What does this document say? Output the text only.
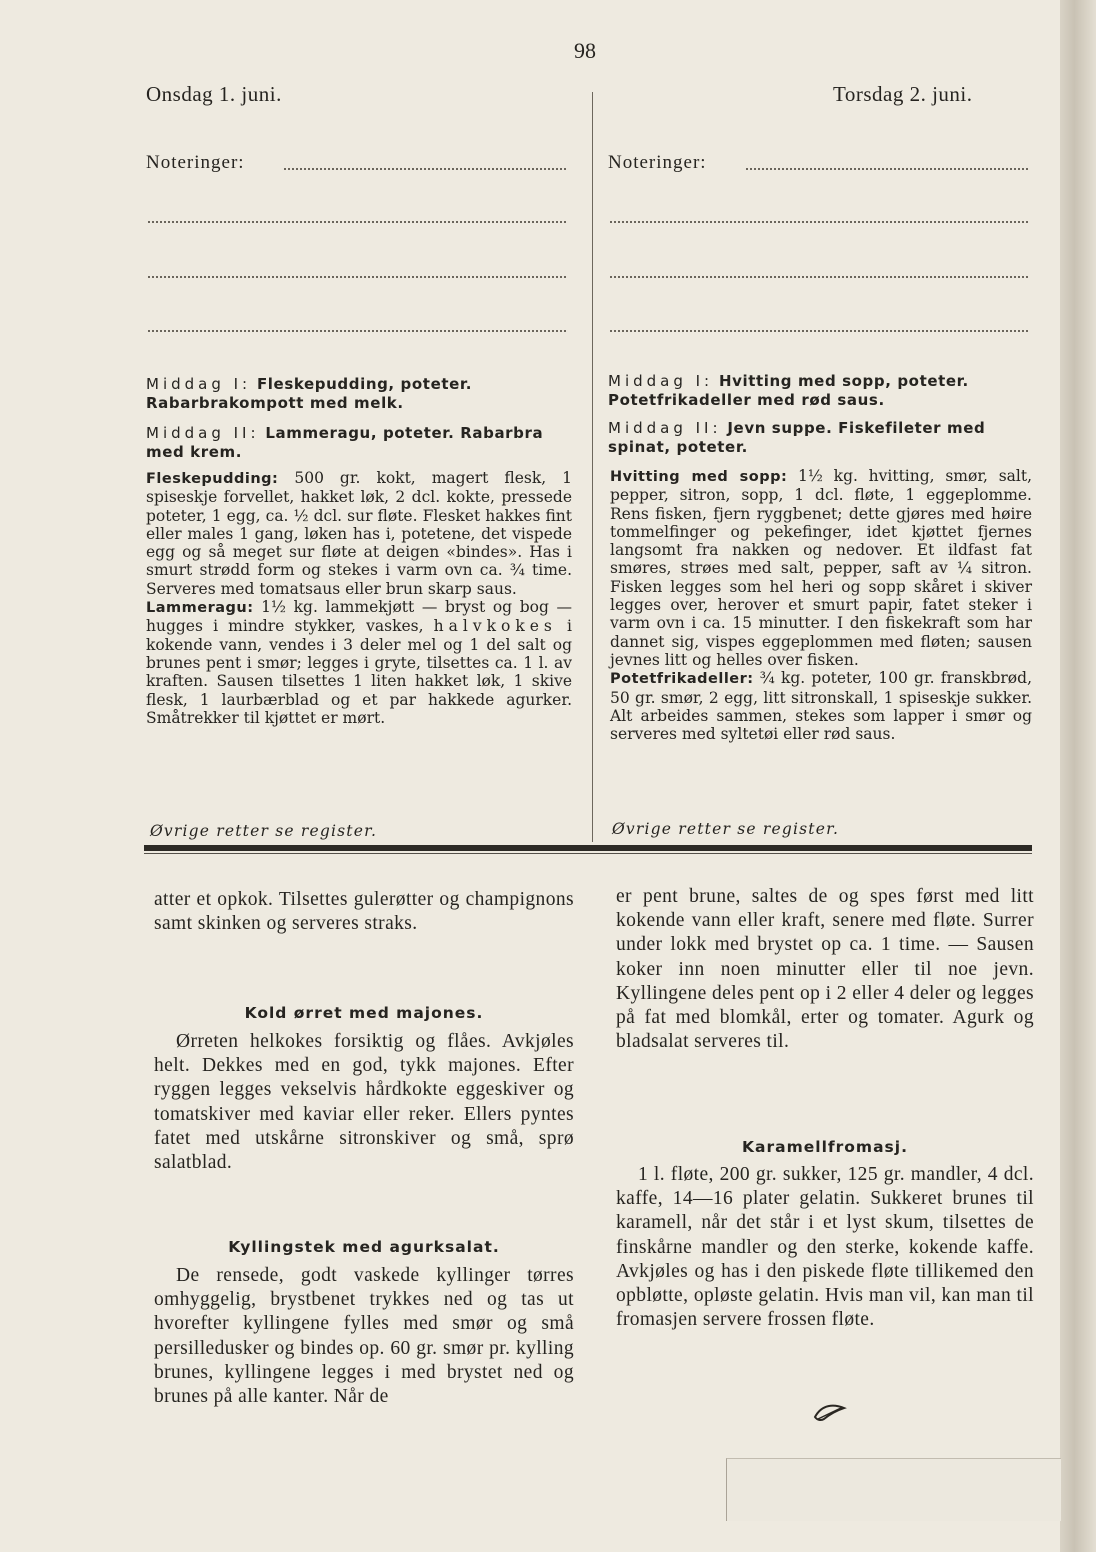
98
Onsdag 1. juni.	Torsdag 2. juni.
Noteringer:	Noteringer:
Middag I: Fleskepudding, poteter. Rabarbrakompott med melk.
Middag II: Lammeragu, poteter. Rabarbra med krem.

Fleskepudding: 500 gr. kokt, magert flesk, 1 spiseskje forvellet, hakket løk, 2 dcl. kokte, pressede poteter, 1 egg, ca. ½ dcl. sur fløte. Flesket hakkes fint eller males 1 gang, løken has i, potetene, det vispede egg og så meget sur fløte at deigen «bindes». Has i smurt strødd form og stekes i varm ovn ca. ¾ time. Serveres med tomatsaus eller brun skarp saus.

Lammeragu: 1½ kg. lammekjøtt — bryst og bog — hugges i mindre stykker, vaskes, halvkokes i kokende vann, vendes i 3 deler mel og 1 del salt og brunes pent i smør; legges i gryte, tilsettes ca. 1 l. av kraften. Sausen tilsettes 1 liten hakket løk, 1 skive flesk, 1 laurbærblad og et par hakkede agurker. Småtrekker til kjøttet er mørt.

Øvrige retter se register.
Middag I: Hvitting med sopp, poteter. Potetfrikadeller med rød saus.
Middag II: Jevn suppe. Fiskefileter med spinat, poteter.

Hvitting med sopp: 1½ kg. hvitting, smør, salt, pepper, sitron, sopp, 1 dcl. fløte, 1 eggeplomme. Rens fisken, fjern ryggbenet; dette gjøres med høire tommelfinger og pekefinger, idet kjøttet fjernes langsomt fra nakken og nedover. Et ildfast fat smøres, strøes med salt, pepper, saft av ¼ sitron. Fisken legges som hel heri og sopp skåret i skiver legges over, herover et smurt papir, fatet steker i varm ovn i ca. 15 minutter. I den fiskekraft som har dannet sig, vispes eggeplommen med fløten; sausen jevnes litt og helles over fisken.

Potetfrikadeller: ¾ kg. poteter, 100 gr. franskbrød, 50 gr. smør, 2 egg, litt sitronskall, 1 spiseskje sukker. Alt arbeides sammen, stekes som lapper i smør og serveres med syltetøi eller rød saus.

Øvrige retter se register.
atter et opkok. Tilsettes gulerøtter og champignons samt skinken og serveres straks.
Kold ørret med majones.
Ørreten helkokes forsiktig og flåes. Avkjøles helt. Dekkes med en god, tykk majones. Efter ryggen legges vekselvis hårdkokte eggeskiver og tomatskiver med kaviar eller reker. Ellers pyntes fatet med utskårne sitronskiver og små, sprø salatblad.
Kyllingstek med agurksalat.
De rensede, godt vaskede kyllinger tørres omhyggelig, brystbenet trykkes ned og tas ut hvorefter kyllingene fylles med smør og små persilledusker og bindes op. 60 gr. smør pr. kylling brunes, kyllingene legges i med brystet ned og brunes på alle kanter. Når de
er pent brune, saltes de og spes først med litt kokende vann eller kraft, senere med fløte. Surrer under lokk med brystet op ca. 1 time. — Sausen koker inn noen minutter eller til noe jevn. Kyllingene deles pent op i 2 eller 4 deler og legges på fat med blomkål, erter og tomater. Agurk og bladsalat serveres til.
Karamellfromasj.
1 l. fløte, 200 gr. sukker, 125 gr. mandler, 4 dcl. kaffe, 14—16 plater gelatin. Sukkeret brunes til karamell, når det står i et lyst skum, tilsettes de finskårne mandler og den sterke, kokende kaffe. Avkjøles og has i den piskede fløte tillikemed den opbløtte, opløste gelatin. Hvis man vil, kan man til fromasjen servere frossen fløte.
